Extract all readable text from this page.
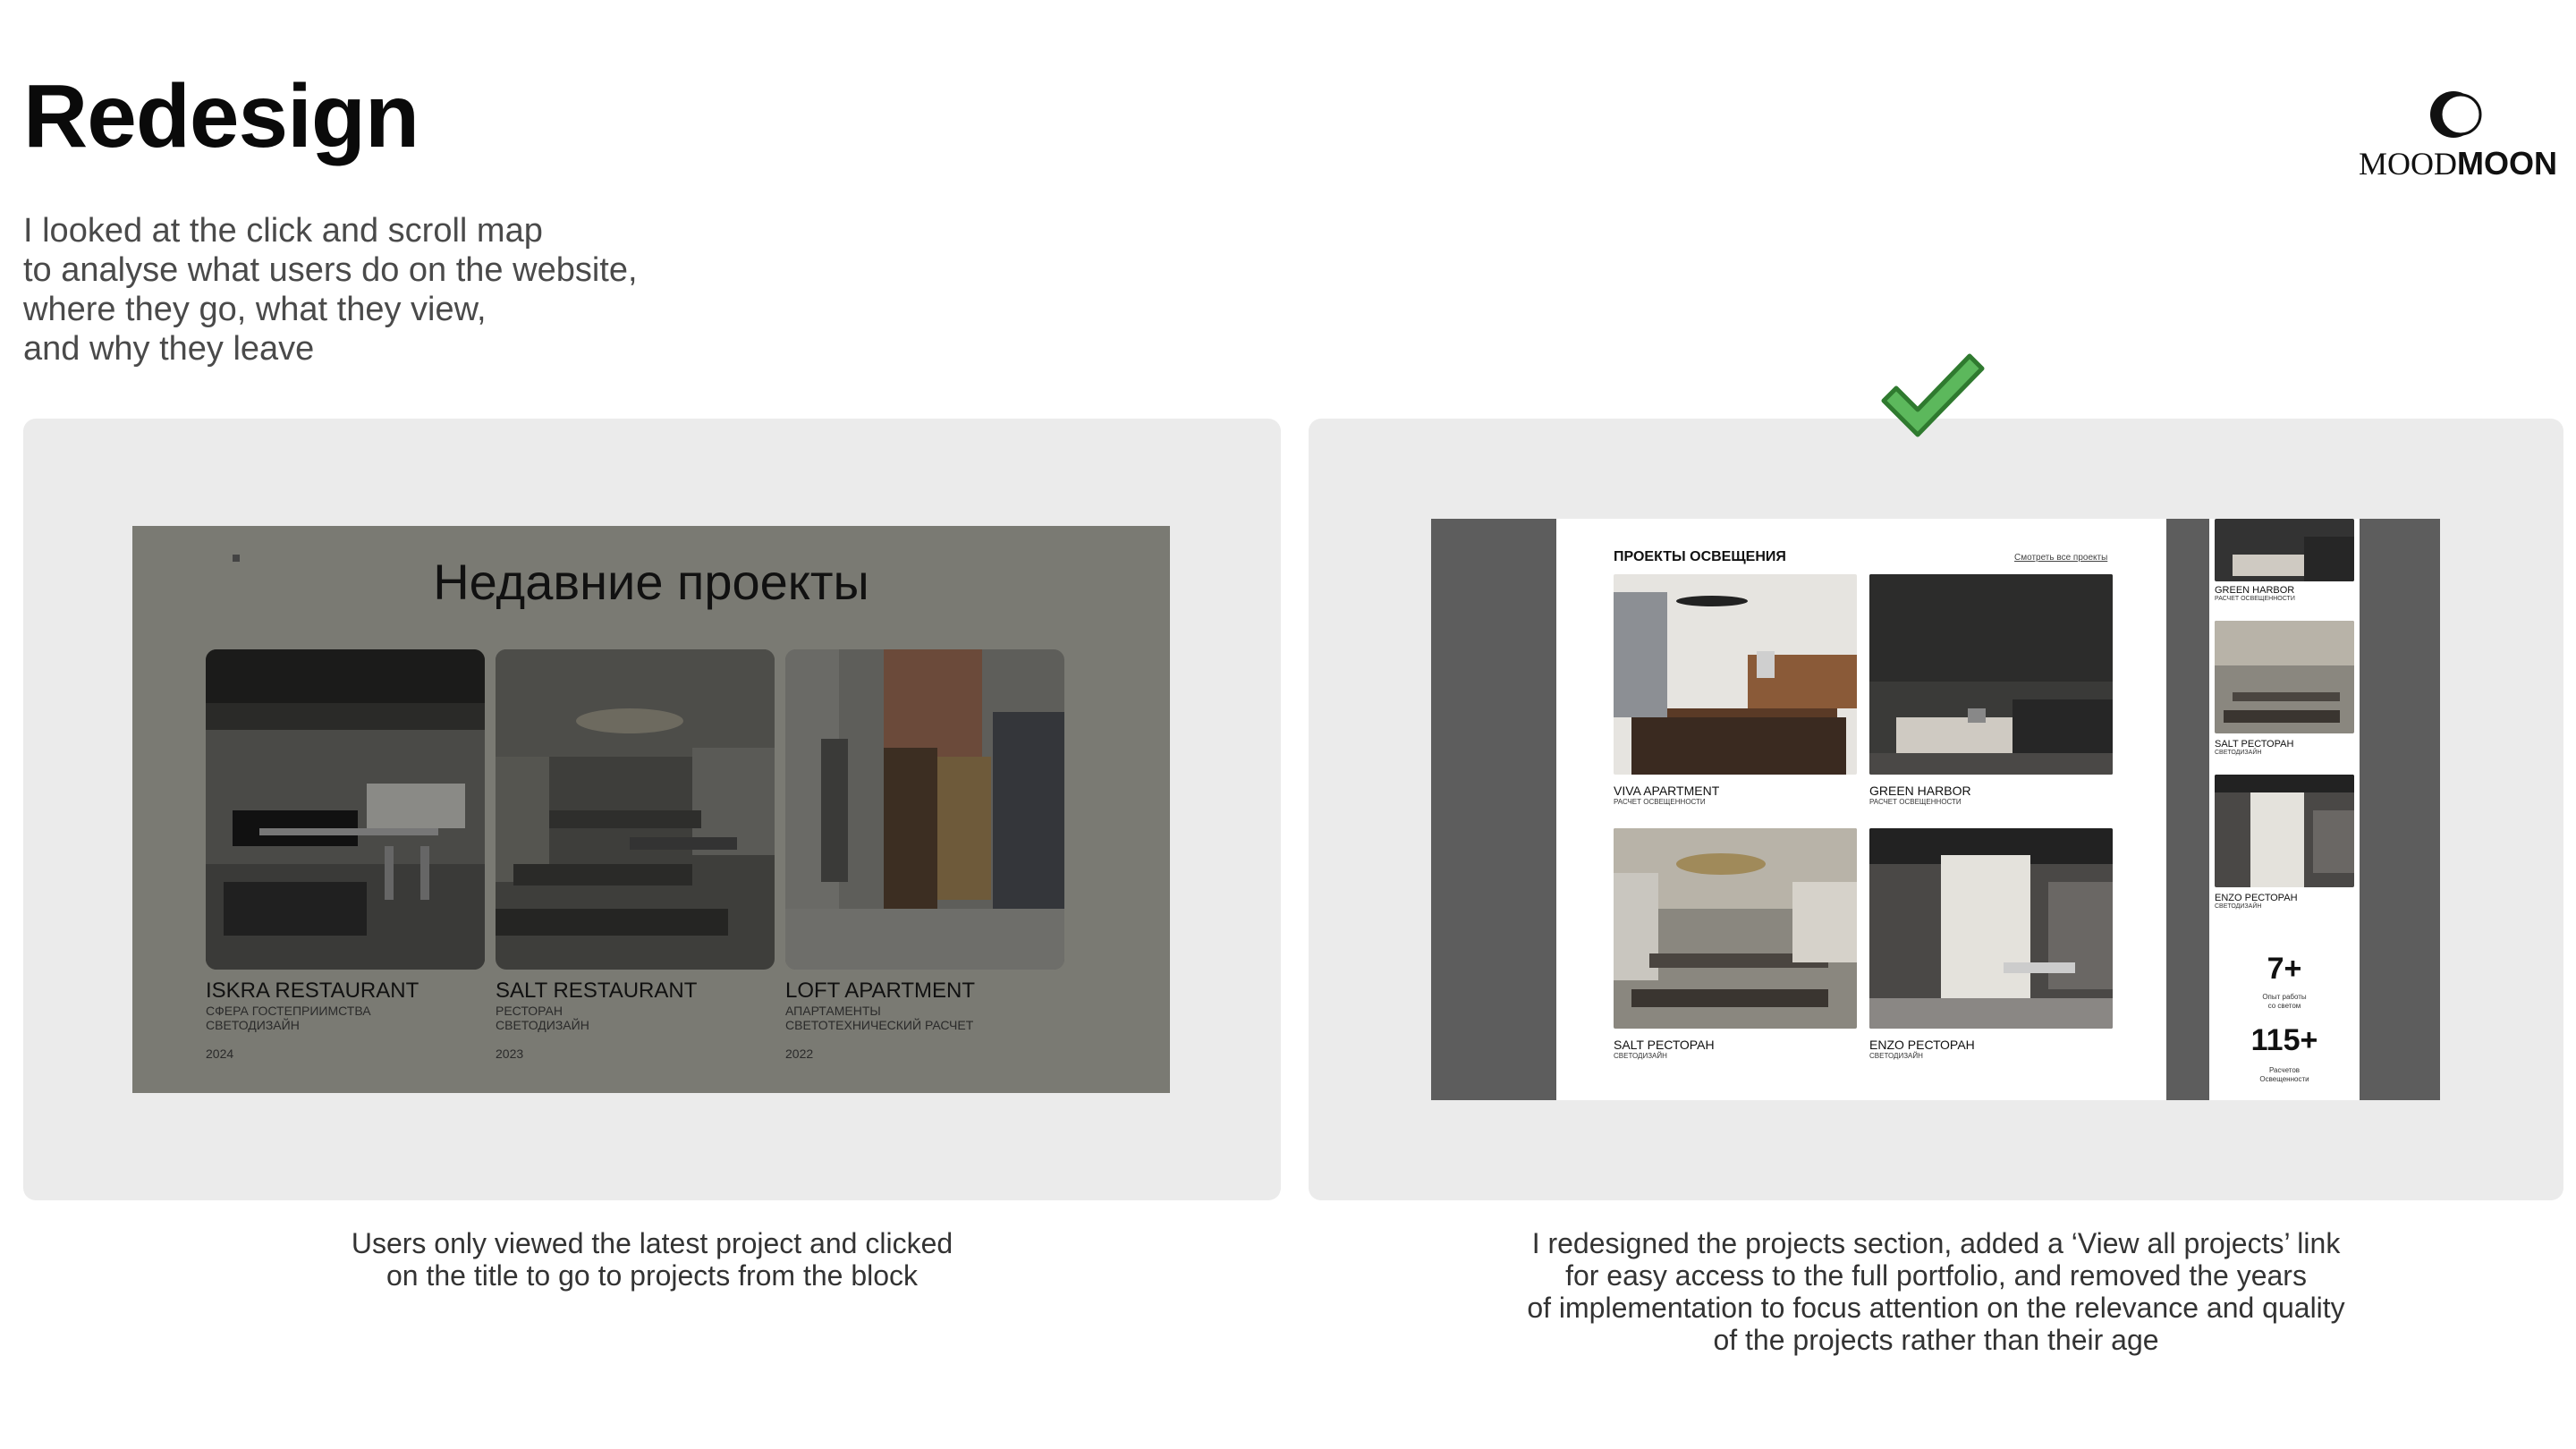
Redesign
I looked at the click and scroll map
to analyse what users do on the website,
where they go, what they view,
and why they leave
MOODMOON
Недавние проекты
ISKRA RESTAURANT
СФЕРА ГОСТЕПРИИМСТВА
СВЕТОДИЗАЙН
2024
SALT RESTAURANT
РЕСТОРАН
СВЕТОДИЗАЙН
2023
LOFT APARTMENT
АПАРТАМЕНТЫ
СВЕТОТЕХНИЧЕСКИЙ РАСЧЕТ
2022
ПРОЕКТЫ ОСВЕЩЕНИЯ	Смотреть все проекты
VIVA APARTMENT
РАСЧЕТ ОСВЕЩЕННОСТИ
GREEN HARBOR
РАСЧЕТ ОСВЕЩЕННОСТИ
SALT РЕСТОРАН
СВЕТОДИЗАЙН
ENZO РЕСТОРАН
СВЕТОДИЗАЙН
GREEN HARBOR
РАСЧЕТ ОСВЕЩЕННОСТИ
SALT РЕСТОРАН
СВЕТОДИЗАЙН
ENZO РЕСТОРАН
СВЕТОДИЗАЙН
7+
Опыт работы
со светом
115+
Расчетов
Освещенности
Users only viewed the latest project and clicked
on the title to go to projects from the block
I redesigned the projects section, added a ‘View all projects’ link
for easy access to the full portfolio, and removed the years
of implementation to focus attention on the relevance and quality
of the projects rather than their age
